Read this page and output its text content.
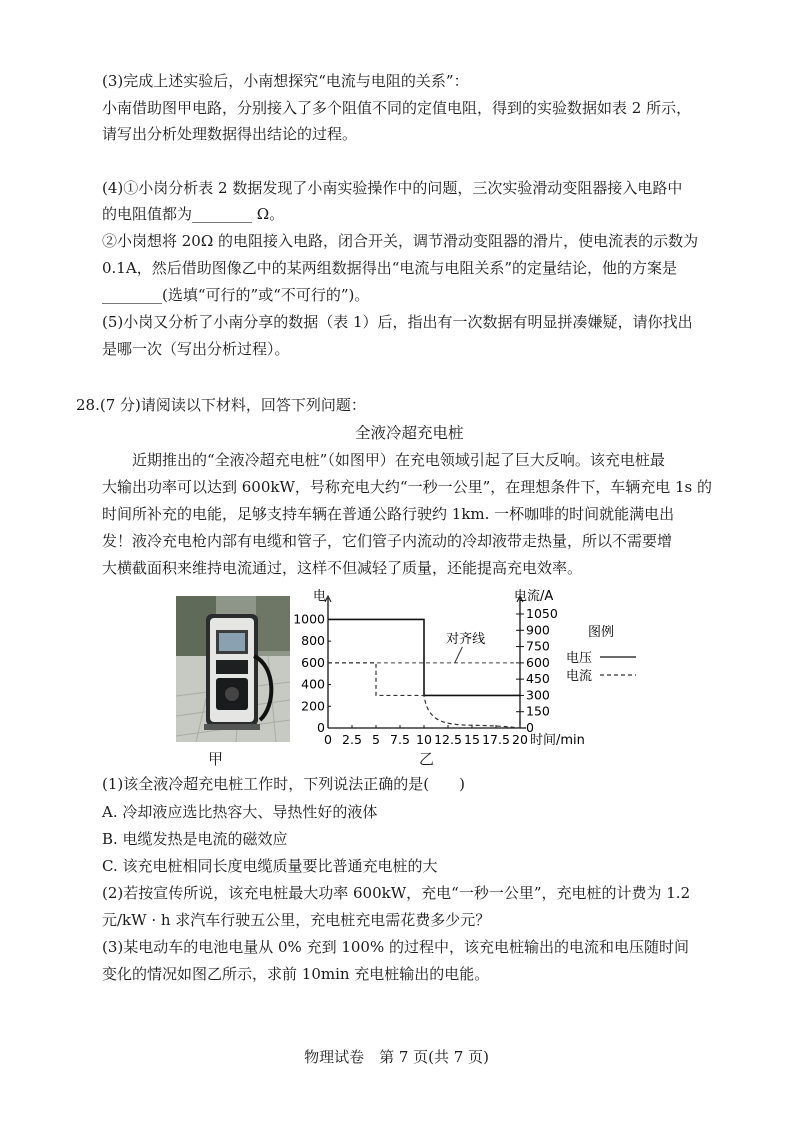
(3)完成上述实验后，小南想探究“电流与电阻的关系”：
小南借助图甲电路，分别接入了多个阻值不同的定值电阻，得到的实验数据如表 2 所示，
请写出分析处理数据得出结论的过程。
(4)①小岗分析表 2 数据发现了小南实验操作中的问题，三次实验滑动变阻器接入电路中
的电阻值都为________ Ω。
②小岗想将 20Ω 的电阻接入电路，闭合开关，调节滑动变阻器的滑片，使电流表的示数为
0.1A，然后借助图像乙中的某两组数据得出“电流与电阻关系”的定量结论，他的方案是
________(选填“可行的”或“不可行的”)。
(5)小岗又分析了小南分享的数据（表 1）后，指出有一次数据有明显拼凑嫌疑，请你找出
是哪一次（写出分析过程）。
28.(7 分)请阅读以下材料，回答下列问题：
全液冷超充电桩
近期推出的“全液冷超充电桩”（如图甲）在充电领域引起了巨大反响。该充电桩最
大输出功率可以达到 600kW，号称充电大约“一秒一公里”，在理想条件下，车辆充电 1s 的
时间所补充的电能，足够支持车辆在普通公路行驶约 1km. 一杯咖啡的时间就能满电出
发！液冷充电枪内部有电缆和管子，它们管子内流动的冷却液带走热量，所以不需要增
大横截面积来维持电流通过，这样不但减轻了质量，还能提高充电效率。
甲
电	电流/A
时间/min
0 2.5 5 7.5 10 12.5 15 17.5 20
0
200
400
600
800
1000
0
150
300
450
600
750
900
1050
对齐线	图例
电压
电流
乙
(1)该全液冷超充电桩工作时，下列说法正确的是(　　)
A. 冷却液应选比热容大、导热性好的液体
B. 电缆发热是电流的磁效应
C. 该充电桩相同长度电缆质量要比普通充电桩的大
(2)若按宣传所说，该充电桩最大功率 600kW，充电“一秒一公里”，充电桩的计费为 1.2
元/kW · h 求汽车行驶五公里，充电桩充电需花费多少元？
(3)某电动车的电池电量从 0% 充到 100% 的过程中，该充电桩输出的电流和电压随时间
变化的情况如图乙所示，求前 10min 充电桩输出的电能。
物理试卷　第 7 页(共 7 页)
